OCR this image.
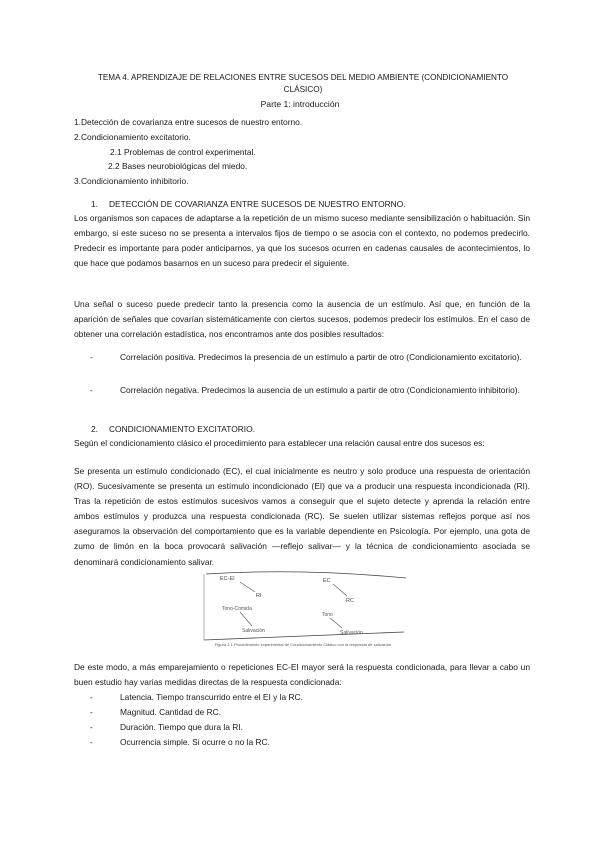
TEMA 4. APRENDIZAJE DE RELACIONES ENTRE SUCESOS DEL MEDIO AMBIENTE (CONDICIONAMIENTO CLÁSICO)
Parte 1: introducción
1.Detección de covarianza entre sucesos de nuestro entorno.
2.Condicionamiento excitatorio.
2.1 Problemas de control experimental.
2.2 Bases neurobiológicas del miedo.
3.Condicionamiento inhibitorio.
1. DETECCIÓN DE COVARIANZA ENTRE SUCESOS DE NUESTRO ENTORNO.
Los organismos son capaces de adaptarse a la repetición de un mismo suceso mediante sensibilización o habituación. Sin embargo, si este suceso no se presenta a intervalos fijos de tiempo o se asocia con el contexto, no podemos predecirlo. Predecir es importante para poder anticiparnos, ya que los sucesos ocurren en cadenas causales de acontecimientos, lo que hace que podamos basarnos en un suceso para predecir el siguiente.
Una señal o suceso puede predecir tanto la presencia como la ausencia de un estímulo. Así que, en función de la aparición de señales que covarían sistemáticamente con ciertos sucesos, podemos predecir los estímulos. En el caso de obtener una correlación estadística, nos encontramos ante dos posibles resultados:
-	Correlación positiva. Predecimos la presencia de un estímulo a partir de otro (Condicionamiento excitatorio).
-	Correlación negativa. Predecimos la ausencia de un estímulo a partir de otro (Condicionamiento inhibitorio).
2. CONDICIONAMIENTO EXCITATORIO.
Según el condicionamiento clásico el procedimiento para establecer una relación causal entre dos sucesos es:
Se presenta un estímulo condicionado (EC), el cual inicialmente es neutro y solo produce una respuesta de orientación (RO). Sucesivamente se presenta un estímulo incondicionado (EI) que va a producir una respuesta incondicionada (RI). Tras la repetición de estos estímulos sucesivos vamos a conseguir que el sujeto detecte y aprenda la relación entre ambos estímulos y produzca una respuesta condicionada (RC). Se suelen utilizar sistemas reflejos porque así nos aseguramos la observación del comportamiento que es la variable dependiente en Psicología. Por ejemplo, una gota de zumo de limón en la boca provocará salivación —reflejo salivar— y la técnica de condicionamiento asociada se denominará condicionamiento salivar.
EC-EI
RI
EC
RC
Tono-Comida
Salivación
Tono
Salivación
Figura 2.1 Procedimiento experimental de Condicionamiento Clásico con la respuesta de salivación
De este modo, a más emparejamiento o repeticiones EC-EI mayor será la respuesta condicionada, para llevar a cabo un buen estudio hay varias medidas directas de la respuesta condicionada:
-	Latencia. Tiempo transcurrido entre el EI y la RC.
-	Magnitud. Cantidad de RC.
-	Duración. Tiempo que dura la RI.
-	Ocurrencia simple. Si ocurre o no la RC.
